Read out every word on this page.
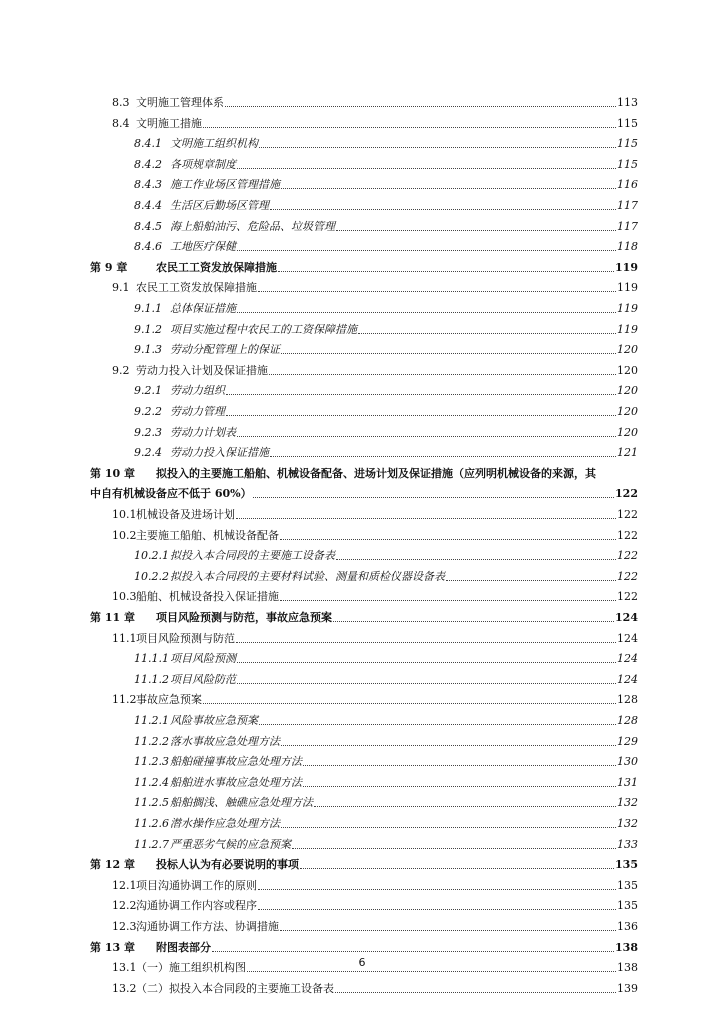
8.3 文明施工管理体系	113
8.4 文明施工措施	115
8.4.1 文明施工组织机构	115
8.4.2 各项规章制度	115
8.4.3 施工作业场区管理措施	116
8.4.4 生活区后勤场区管理	117
8.4.5 海上船舶油污、危险品、垃圾管理	117
8.4.6 工地医疗保健	118
第 9 章	农民工工资发放保障措施	119
9.1 农民工工资发放保障措施	119
9.1.1 总体保证措施	119
9.1.2 项目实施过程中农民工的工资保障措施	119
9.1.3 劳动分配管理上的保证	120
9.2 劳动力投入计划及保证措施	120
9.2.1 劳动力组织	120
9.2.2 劳动力管理	120
9.2.3 劳动力计划表	120
9.2.4 劳动力投入保证措施	121
第 10 章	拟投入的主要施工船舶、机械设备配备、进场计划及保证措施（应列明机械设备的来源，其
中自有机械设备应不低于 60%）	122
10.1 机械设备及进场计划	122
10.2 主要施工船舶、机械设备配备	122
10.2.1 拟投入本合同段的主要施工设备表	122
10.2.2 拟投入本合同段的主要材料试验、测量和质检仪器设备表	122
10.3 船舶、机械设备投入保证措施	122
第 11 章	项目风险预测与防范，事故应急预案	124
11.1 项目风险预测与防范	124
11.1.1 项目风险预测	124
11.1.2 项目风险防范	124
11.2 事故应急预案	128
11.2.1 风险事故应急预案	128
11.2.2 落水事故应急处理方法	129
11.2.3 船舶碰撞事故应急处理方法	130
11.2.4 船舶进水事故应急处理方法	131
11.2.5 船舶搁浅、触礁应急处理方法	132
11.2.6 潜水操作应急处理方法	132
11.2.7 严重恶劣气候的应急预案	133
第 12 章	投标人认为有必要说明的事项	135
12.1 项目沟通协调工作的原则	135
12.2 沟通协调工作内容或程序	135
12.3 沟通协调工作方法、协调措施	136
第 13 章	附图表部分	138
13.1 （一）施工组织机构图	138
13.2 （二）拟投入本合同段的主要施工设备表	139
6
